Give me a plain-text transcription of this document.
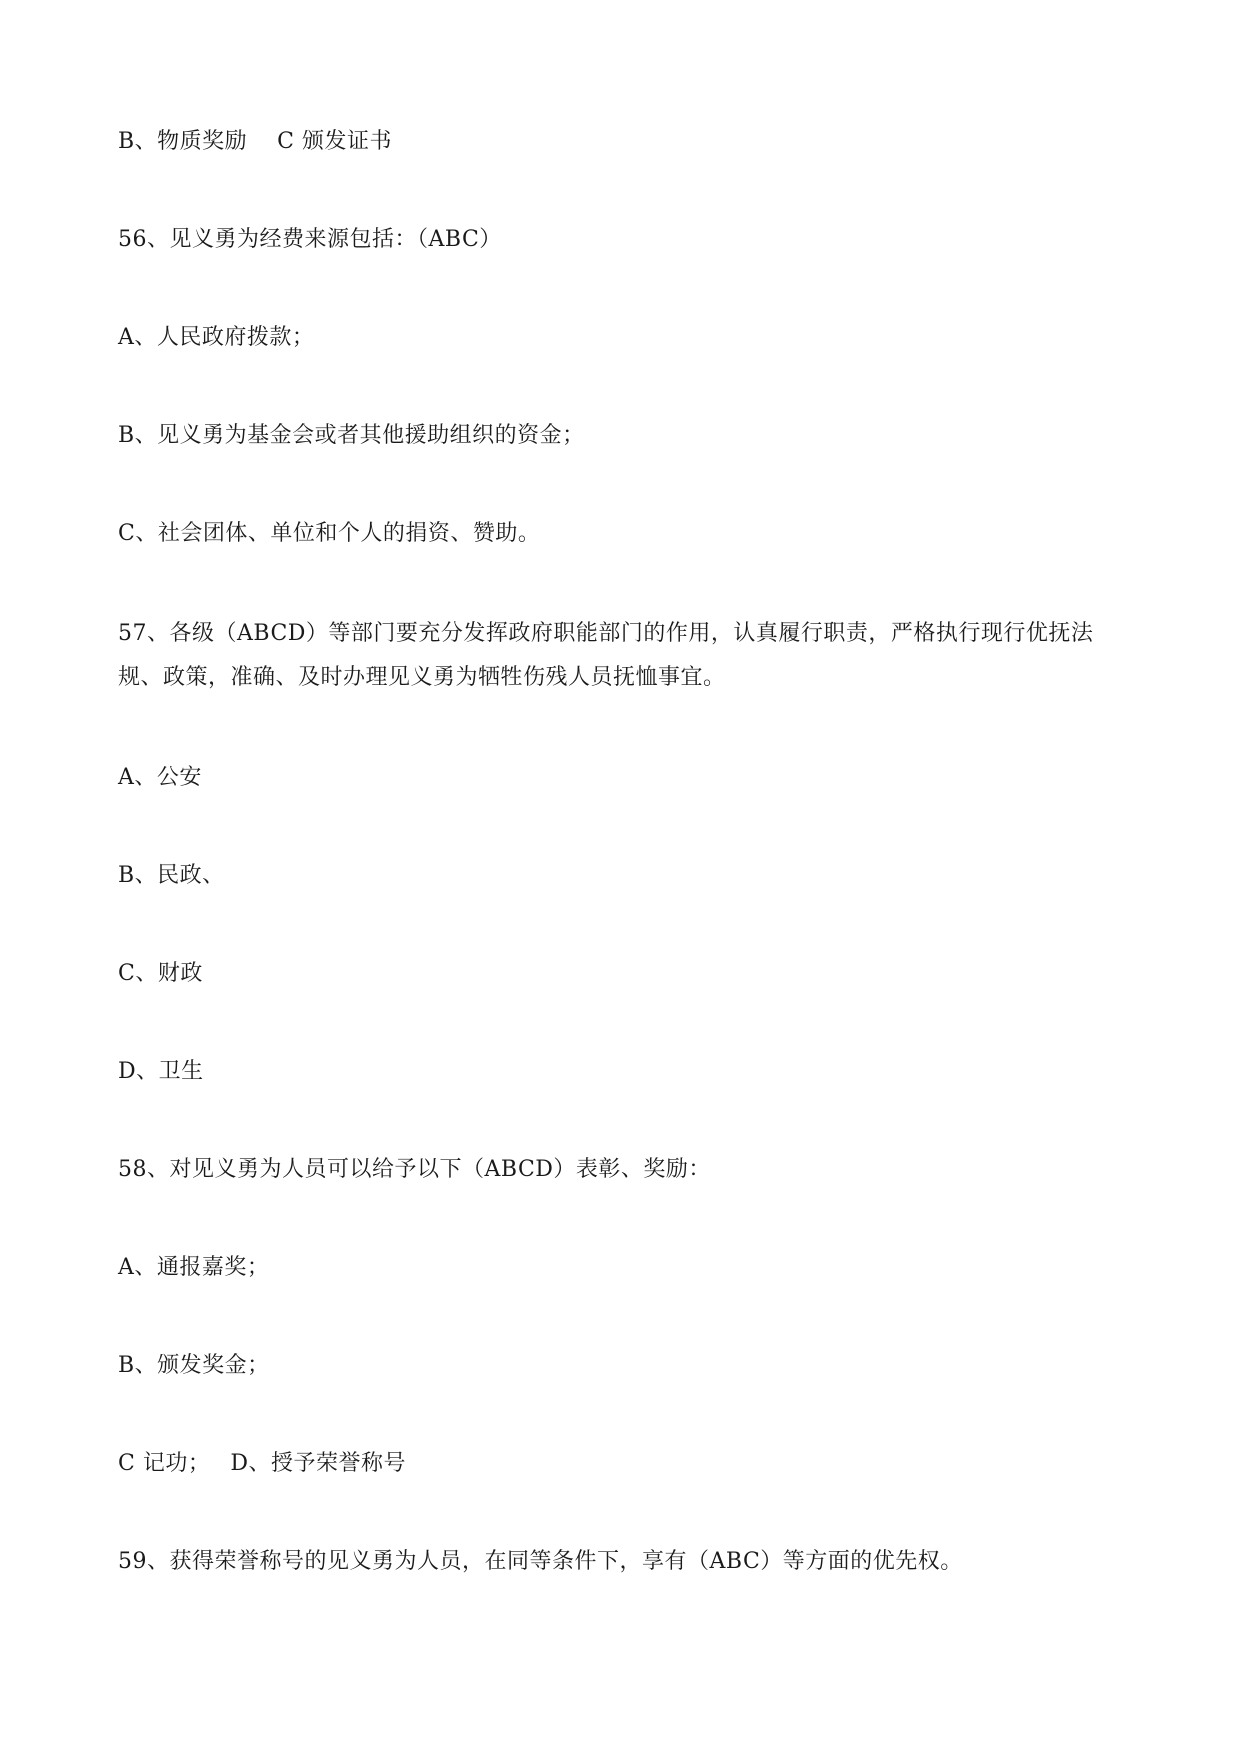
B、物质奖励 C 颁发证书
56、见义勇为经费来源包括：（ABC）
A、人民政府拨款；
B、见义勇为基金会或者其他援助组织的资金；
C、社会团体、单位和个人的捐资、赞助。
57、各级（ABCD）等部门要充分发挥政府职能部门的作用，认真履行职责，严格执行现行优抚法规、政策，准确、及时办理见义勇为牺牲伤残人员抚恤事宜。
A、公安
B、民政、
C、财政
D、卫生
58、对见义勇为人员可以给予以下（ABCD）表彰、奖励：
A、通报嘉奖；
B、颁发奖金；
C 记功； D、授予荣誉称号
59、获得荣誉称号的见义勇为人员，在同等条件下，享有（ABC）等方面的优先权。
